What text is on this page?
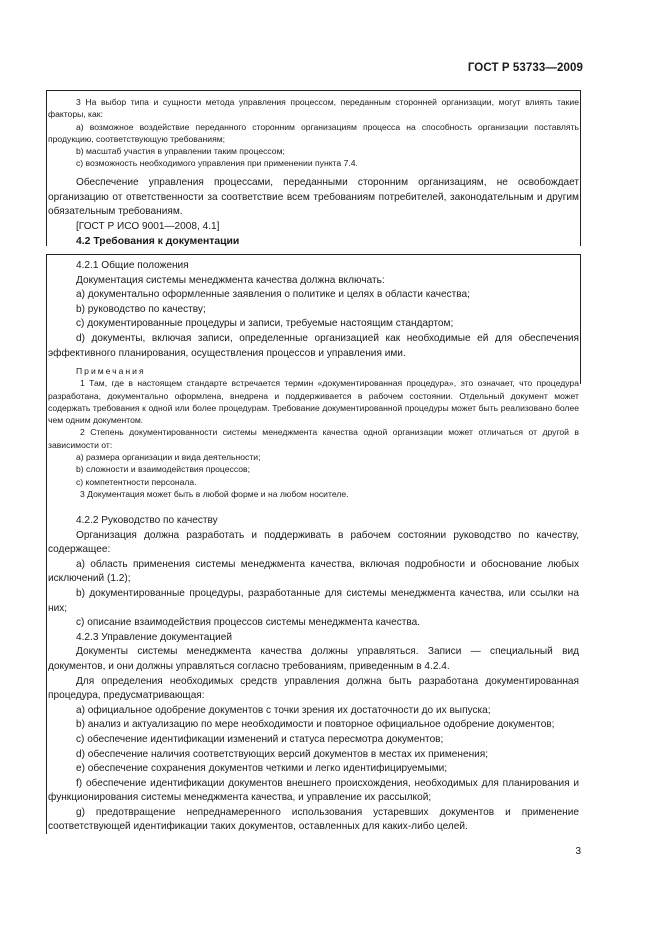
ГОСТ Р 53733—2009

3 На выбор типа и сущности метода управления процессом, переданным сторонней организации, могут влиять такие факторы, как:

a) возможное воздействие переданного сторонним организациям процесса на способность организации поставлять продукцию, соответствующую требованиям;

b) масштаб участия в управлении таким процессом;

c) возможность необходимого управления при применении пункта 7.4.

Обеспечение управления процессами, переданными сторонним организациям, не освобождает организацию от ответственности за соответствие всем требованиям потребителей, законодательным и другим обязательным требованиям.

[ГОСТ Р ИСО 9001—2008, 4.1]

4.2 Требования к документации

4.2.1 Общие положения

Документация системы менеджмента качества должна включать:

a) документально оформленные заявления о политике и целях в области качества;

b) руководство по качеству;

c) документированные процедуры и записи, требуемые настоящим стандартом;

d) документы, включая записи, определенные организацией как необходимые ей для обеспечения эффективного планирования, осуществления процессов и управления ими.

Примечания

1 Там, где в настоящем стандарте встречается термин «документированная процедура», это означает, что процедура разработана, документально оформлена, внедрена и поддерживается в рабочем состоянии. Отдельный документ может содержать требования к одной или более процедурам. Требование документированной процедуры может быть реализовано более чем одним документом.

2 Степень документированности системы менеджмента качества одной организации может отличаться от другой в зависимости от:

a) размера организации и вида деятельности;

b) сложности и взаимодействия процессов;

c) компетентности персонала.

3 Документация может быть в любой форме и на любом носителе.

4.2.2 Руководство по качеству

Организация должна разработать и поддерживать в рабочем состоянии руководство по качеству, содержащее:

a) область применения системы менеджмента качества, включая подробности и обоснование любых исключений (1.2);

b) документированные процедуры, разработанные для системы менеджмента качества, или ссылки на них;

c) описание взаимодействия процессов системы менеджмента качества.

4.2.3 Управление документацией

Документы системы менеджмента качества должны управляться. Записи — специальный вид документов, и они должны управляться согласно требованиям, приведенным в 4.2.4.

Для определения необходимых средств управления должна быть разработана документированная процедура, предусматривающая:

a) официальное одобрение документов с точки зрения их достаточности до их выпуска;

b) анализ и актуализацию по мере необходимости и повторное официальное одобрение документов;

c) обеспечение идентификации изменений и статуса пересмотра документов;

d) обеспечение наличия соответствующих версий документов в местах их применения;

e) обеспечение сохранения документов четкими и легко идентифицируемыми;

f) обеспечение идентификации документов внешнего происхождения, необходимых для планирования и функционирования системы менеджмента качества, и управление их рассылкой;

g) предотвращение непреднамеренного использования устаревших документов и применение соответствующей идентификации таких документов, оставленных для каких-либо целей.

3
